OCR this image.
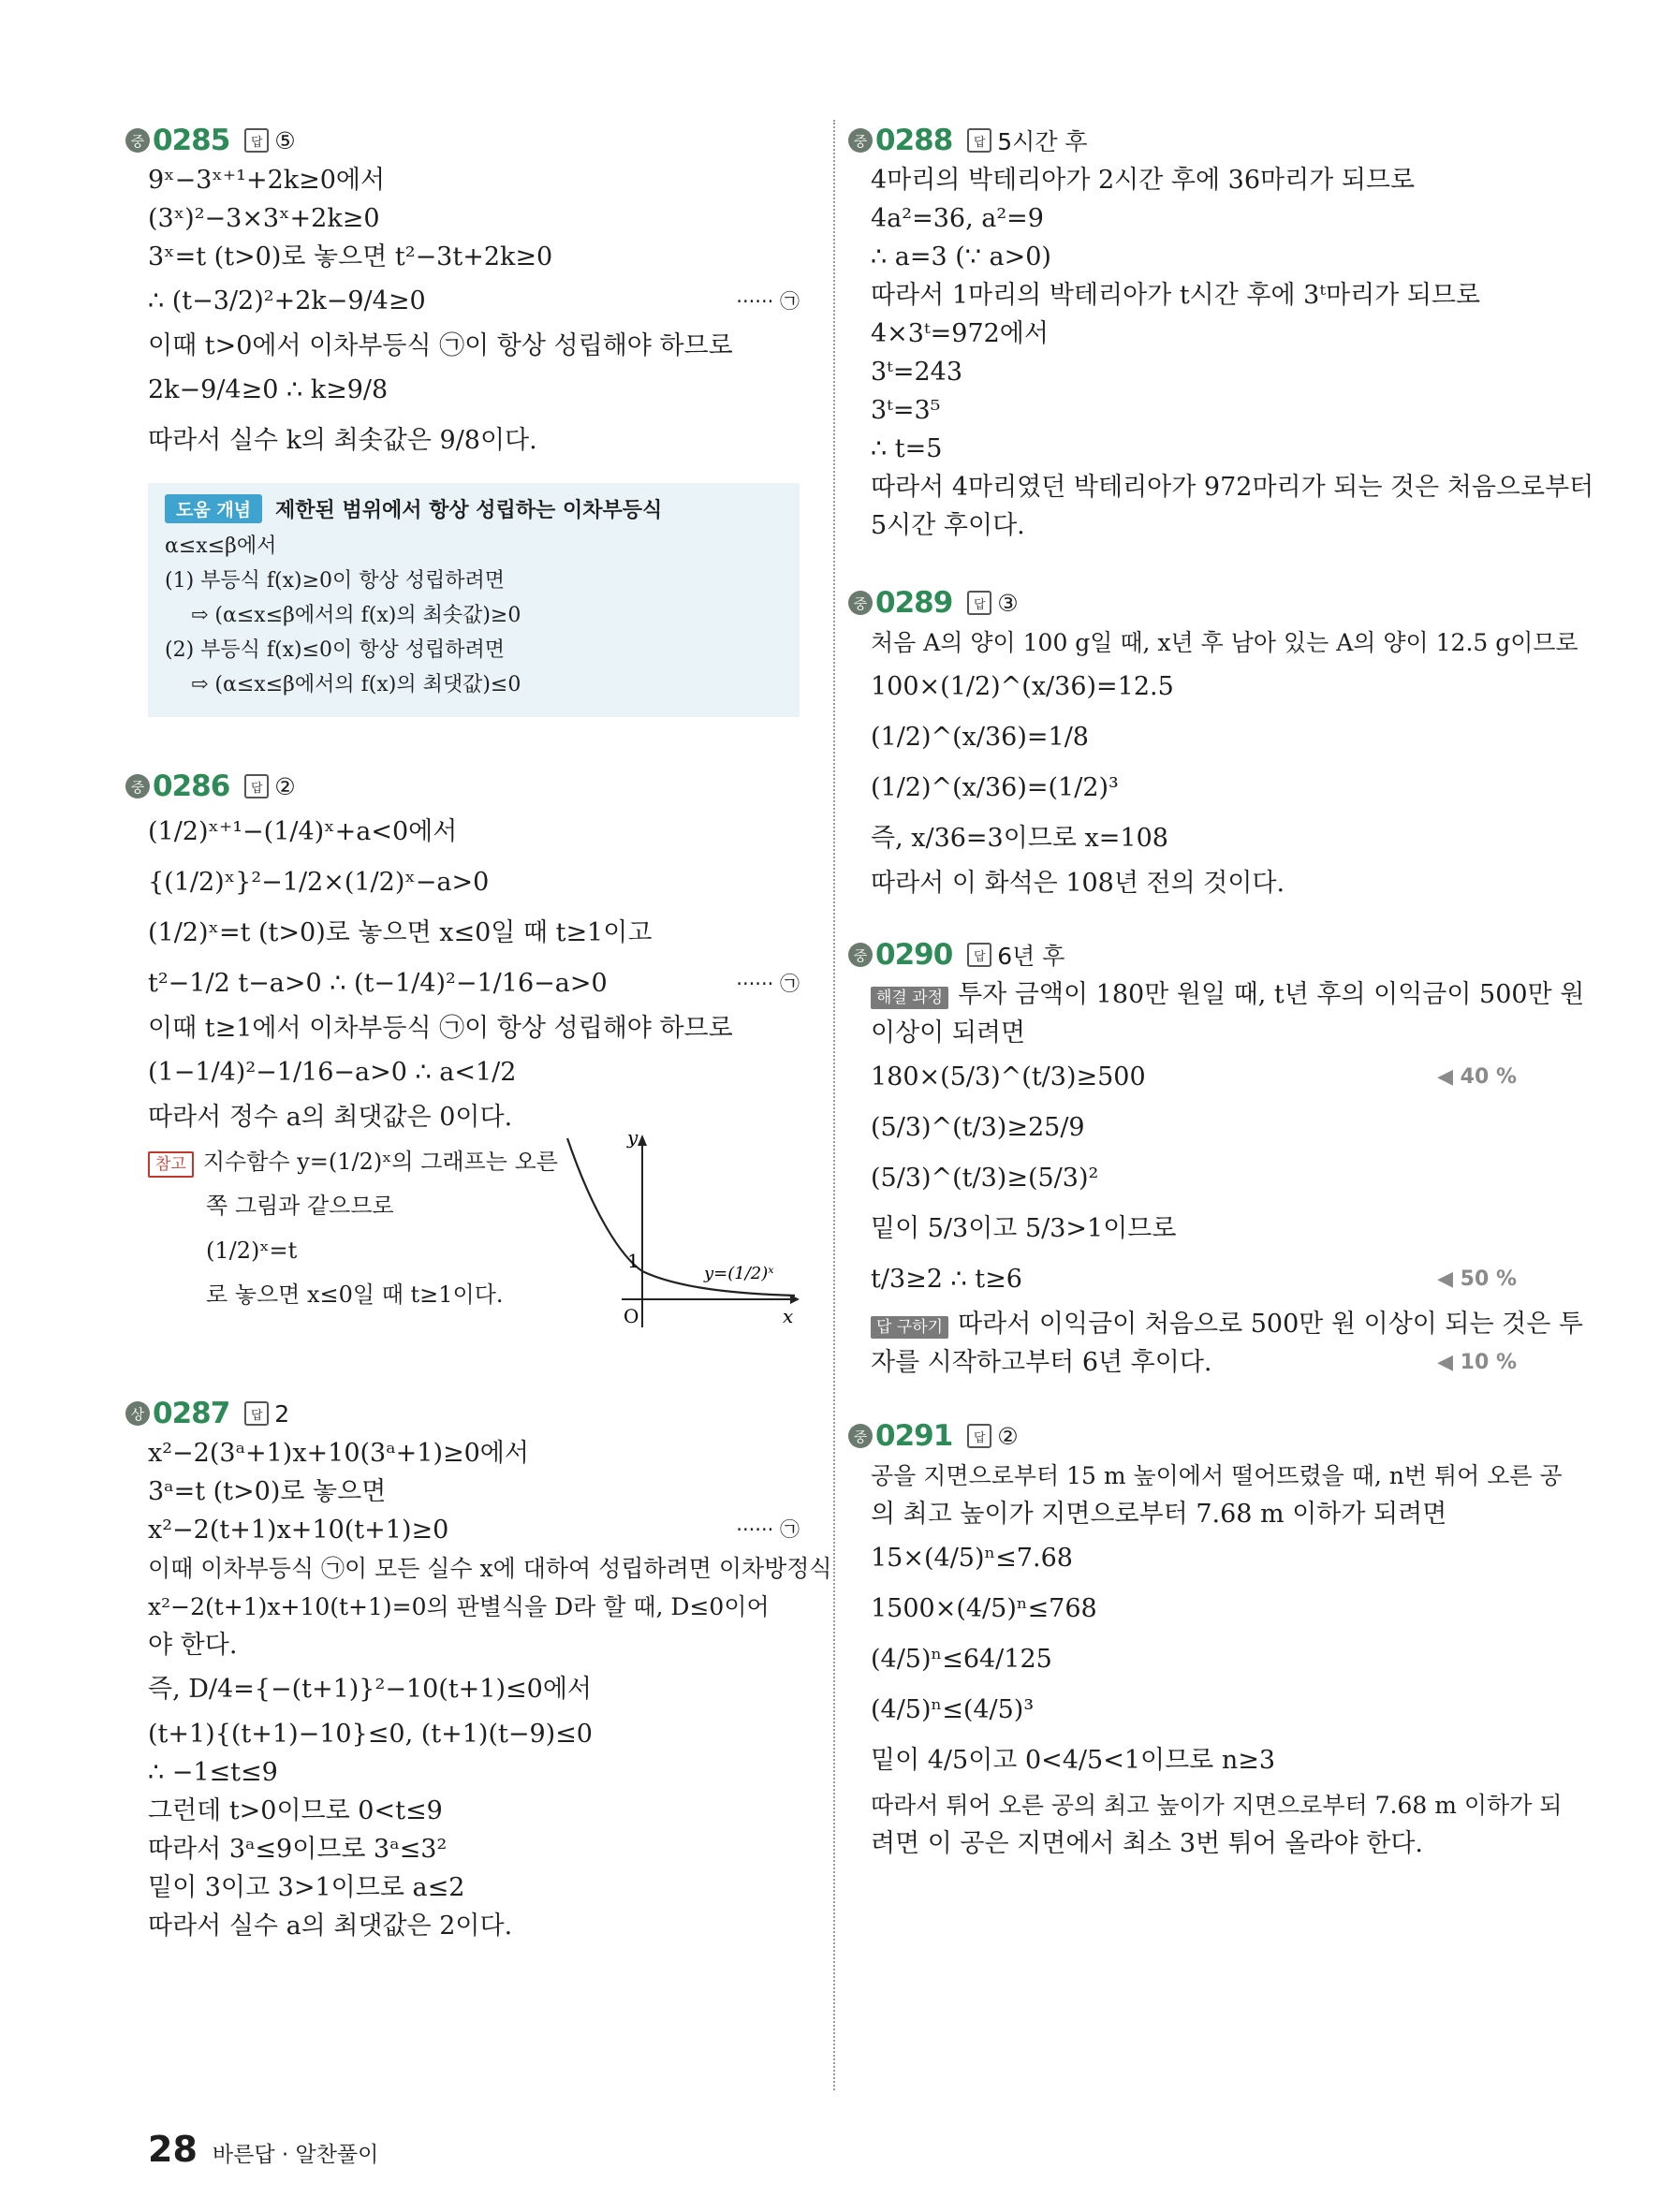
중 0285	답 ⑤
9ˣ−3ˣ⁺¹+2k≥0에서
(3ˣ)²−3×3ˣ+2k≥0
3ˣ=t (t>0)로 놓으면 t²−3t+2k≥0
∴ (t−3/2)²+2k−9/4≥0	······ ㉠
이때 t>0에서 이차부등식 ㉠이 항상 성립해야 하므로
2k−9/4≥0 ∴ k≥9/8
따라서 실수 k의 최솟값은 9/8이다.
도움 개념	제한된 범위에서 항상 성립하는 이차부등식
α≤x≤β에서
(1) 부등식 f(x)≥0이 항상 성립하려면
⇨ (α≤x≤β에서의 f(x)의 최솟값)≥0
(2) 부등식 f(x)≤0이 항상 성립하려면
⇨ (α≤x≤β에서의 f(x)의 최댓값)≤0
중 0286	답 ②
(1/2)ˣ⁺¹−(1/4)ˣ+a<0에서
{(1/2)ˣ}²−1/2×(1/2)ˣ−a>0
(1/2)ˣ=t (t>0)로 놓으면 x≤0일 때 t≥1이고
t²−1/2 t−a>0 ∴ (t−1/4)²−1/16−a>0	······ ㉠
이때 t≥1에서 이차부등식 ㉠이 항상 성립해야 하므로
(1−1/4)²−1/16−a>0 ∴ a<1/2
따라서 정수 a의 최댓값은 0이다.
참고 지수함수 y=(1/2)ˣ의 그래프는 오른
쪽 그림과 같으므로
(1/2)ˣ=t
로 놓으면 x≤0일 때 t≥1이다.
y
x
O
1
y=(1/2)ˣ
상 0287	답 2
x²−2(3ᵃ+1)x+10(3ᵃ+1)≥0에서
3ᵃ=t (t>0)로 놓으면
x²−2(t+1)x+10(t+1)≥0	······ ㉠
이때 이차부등식 ㉠이 모든 실수 x에 대하여 성립하려면 이차방정식
x²−2(t+1)x+10(t+1)=0의 판별식을 D라 할 때, D≤0이어
야 한다.
즉, D/4={−(t+1)}²−10(t+1)≤0에서
(t+1){(t+1)−10}≤0, (t+1)(t−9)≤0
∴ −1≤t≤9
그런데 t>0이므로 0<t≤9
따라서 3ᵃ≤9이므로 3ᵃ≤3²
밑이 3이고 3>1이므로 a≤2
따라서 실수 a의 최댓값은 2이다.
중 0288	답 5시간 후
4마리의 박테리아가 2시간 후에 36마리가 되므로
4a²=36, a²=9
∴ a=3 (∵ a>0)
따라서 1마리의 박테리아가 t시간 후에 3ᵗ마리가 되므로
4×3ᵗ=972에서
3ᵗ=243
3ᵗ=3⁵
∴ t=5
따라서 4마리였던 박테리아가 972마리가 되는 것은 처음으로부터
5시간 후이다.
중 0289	답 ③
처음 A의 양이 100 g일 때, x년 후 남아 있는 A의 양이 12.5 g이므로
100×(1/2)^(x/36)=12.5
(1/2)^(x/36)=1/8
(1/2)^(x/36)=(1/2)³
즉, x/36=3이므로 x=108
따라서 이 화석은 108년 전의 것이다.
중 0290	답 6년 후
해결 과정 투자 금액이 180만 원일 때, t년 후의 이익금이 500만 원
이상이 되려면
180×(5/3)^(t/3)≥500	◀ 40 %
(5/3)^(t/3)≥25/9
(5/3)^(t/3)≥(5/3)²
밑이 5/3이고 5/3>1이므로
t/3≥2 ∴ t≥6	◀ 50 %
답 구하기 따라서 이익금이 처음으로 500만 원 이상이 되는 것은 투
자를 시작하고부터 6년 후이다.	◀ 10 %
중 0291	답 ②
공을 지면으로부터 15 m 높이에서 떨어뜨렸을 때, n번 튀어 오른 공
의 최고 높이가 지면으로부터 7.68 m 이하가 되려면
15×(4/5)ⁿ≤7.68
1500×(4/5)ⁿ≤768
(4/5)ⁿ≤64/125
(4/5)ⁿ≤(4/5)³
밑이 4/5이고 0<4/5<1이므로 n≥3
따라서 튀어 오른 공의 최고 높이가 지면으로부터 7.68 m 이하가 되
려면 이 공은 지면에서 최소 3번 튀어 올라야 한다.
28 바른답 · 알찬풀이
